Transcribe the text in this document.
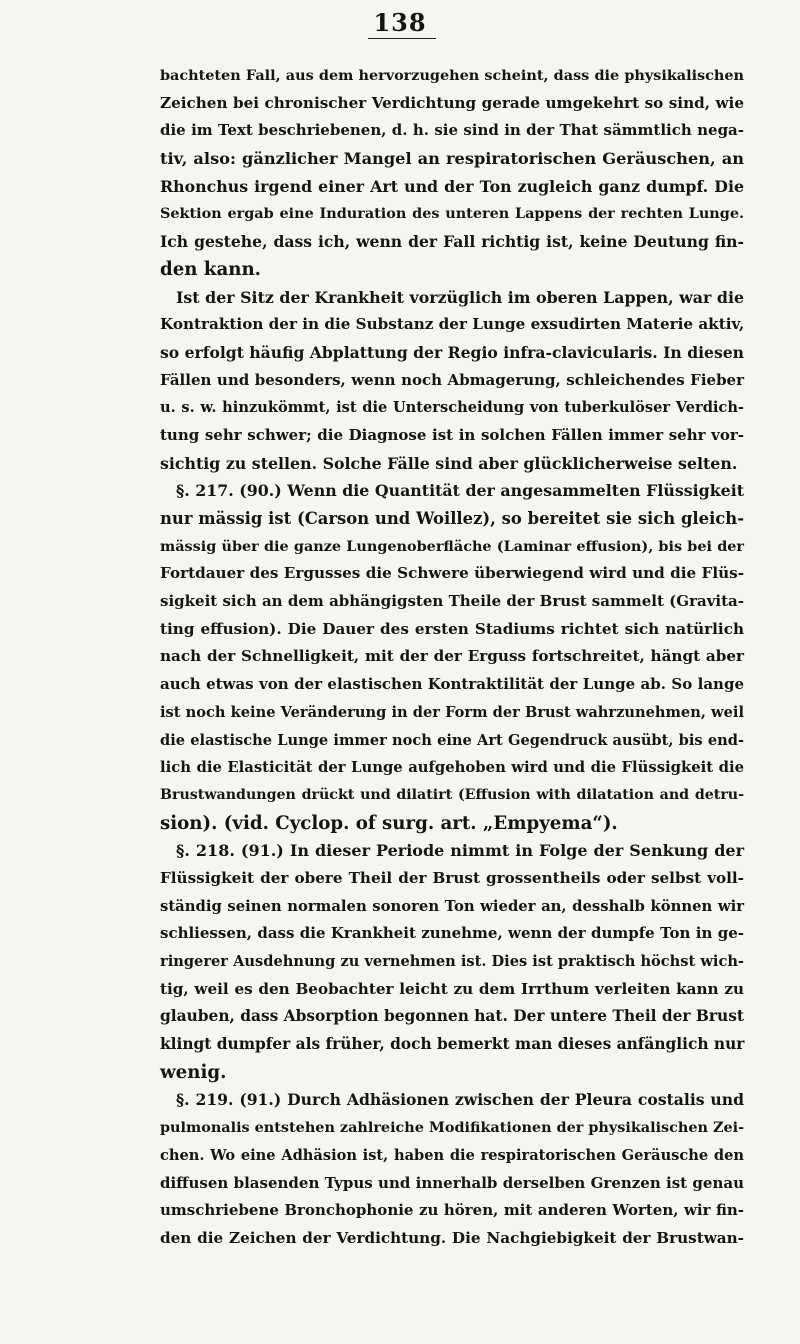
138
bachteten Fall, aus dem hervorzugehen scheint, dass die physikalischen
Zeichen bei chronischer Verdichtung gerade umgekehrt so sind, wie
die im Text beschriebenen, d. h. sie sind in der That sämmtlich nega-
tiv, also: gänzlicher Mangel an respiratorischen Geräuschen, an
Rhonchus irgend einer Art und der Ton zugleich ganz dumpf. Die
Sektion ergab eine Induration des unteren Lappens der rechten Lunge.
Ich gestehe, dass ich, wenn der Fall richtig ist, keine Deutung fin-
den kann.
Ist der Sitz der Krankheit vorzüglich im oberen Lappen, war die
Kontraktion der in die Substanz der Lunge exsudirten Materie aktiv,
so erfolgt häufig Abplattung der Regio infra-clavicularis. In diesen
Fällen und besonders, wenn noch Abmagerung, schleichendes Fieber
u. s. w. hinzukömmt, ist die Unterscheidung von tuberkulöser Verdich-
tung sehr schwer; die Diagnose ist in solchen Fällen immer sehr vor-
sichtig zu stellen. Solche Fälle sind aber glücklicherweise selten.
§. 217. (90.) Wenn die Quantität der angesammelten Flüssigkeit
nur mässig ist (Carson und Woillez), so bereitet sie sich gleich-
mässig über die ganze Lungenoberfläche (Laminar effusion), bis bei der
Fortdauer des Ergusses die Schwere überwiegend wird und die Flüs-
sigkeit sich an dem abhängigsten Theile der Brust sammelt (Gravita-
ting effusion). Die Dauer des ersten Stadiums richtet sich natürlich
nach der Schnelligkeit, mit der der Erguss fortschreitet, hängt aber
auch etwas von der elastischen Kontraktilität der Lunge ab. So lange
ist noch keine Veränderung in der Form der Brust wahrzunehmen, weil
die elastische Lunge immer noch eine Art Gegendruck ausübt, bis end-
lich die Elasticität der Lunge aufgehoben wird und die Flüssigkeit die
Brustwandungen drückt und dilatirt (Effusion with dilatation and detru-
sion). (vid. Cyclop. of surg. art. „Empyema“).
§. 218. (91.) In dieser Periode nimmt in Folge der Senkung der
Flüssigkeit der obere Theil der Brust grossentheils oder selbst voll-
ständig seinen normalen sonoren Ton wieder an, desshalb können wir
schliessen, dass die Krankheit zunehme, wenn der dumpfe Ton in ge-
ringerer Ausdehnung zu vernehmen ist. Dies ist praktisch höchst wich-
tig, weil es den Beobachter leicht zu dem Irrthum verleiten kann zu
glauben, dass Absorption begonnen hat. Der untere Theil der Brust
klingt dumpfer als früher, doch bemerkt man dieses anfänglich nur
wenig.
§. 219. (91.) Durch Adhäsionen zwischen der Pleura costalis und
pulmonalis entstehen zahlreiche Modifikationen der physikalischen Zei-
chen. Wo eine Adhäsion ist, haben die respiratorischen Geräusche den
diffusen blasenden Typus und innerhalb derselben Grenzen ist genau
umschriebene Bronchophonie zu hören, mit anderen Worten, wir fin-
den die Zeichen der Verdichtung. Die Nachgiebigkeit der Brustwan-
